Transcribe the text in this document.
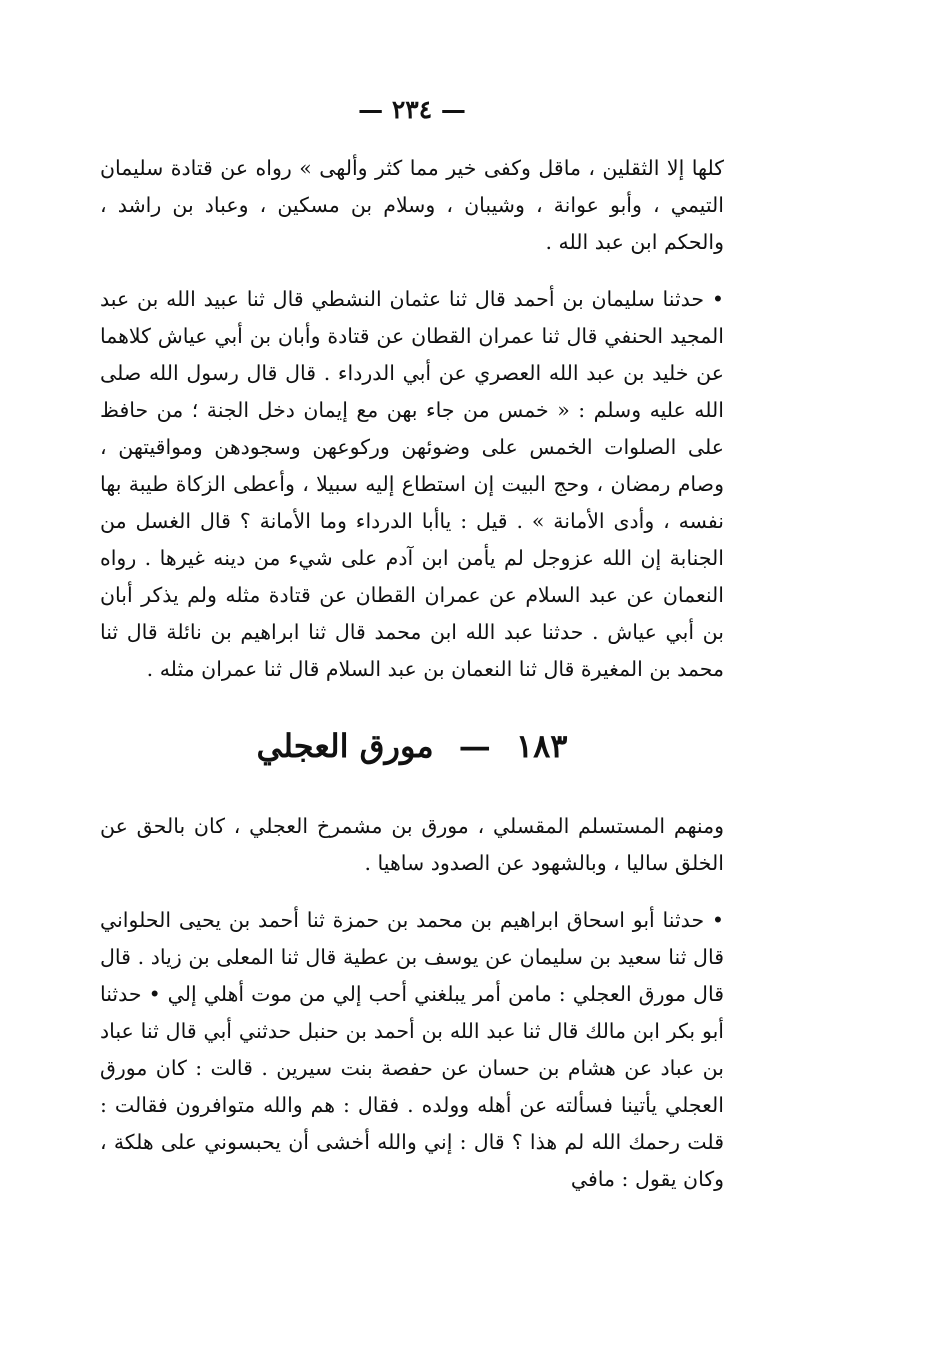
— ٢٣٤ —

كلها إلا الثقلين ، ماقل وكفى خير مما كثر وألهى » رواه عن قتادة سليمان التيمي ، وأبو عوانة ، وشيبان ، وسلام بن مسكين ، وعباد بن راشد ، والحكم ابن عبد الله .

• حدثنا سليمان بن أحمد قال ثنا عثمان النشطي قال ثنا عبيد الله بن عبد المجيد الحنفي قال ثنا عمران القطان عن قتادة وأبان بن أبي عياش كلاهما عن خليد بن عبد الله العصري عن أبي الدرداء . قال قال رسول الله صلى الله عليه وسلم : « خمس من جاء بهن مع إيمان دخل الجنة ؛ من حافظ على الصلوات الخمس على وضوئهن وركوعهن وسجودهن ومواقيتهن ، وصام رمضان ، وحج البيت إن استطاع إليه سبيلا ، وأعطى الزكاة طيبة بها نفسه ، وأدى الأمانة » . قيل : ياأبا الدرداء وما الأمانة ؟ قال الغسل من الجنابة إن الله عزوجل لم يأمن ابن آدم على شيء من دينه غيرها . رواه النعمان عن عبد السلام عن عمران القطان عن قتادة مثله ولم يذكر أبان بن أبي عياش . حدثنا عبد الله ابن محمد قال ثنا ابراهيم بن نائلة قال ثنا محمد بن المغيرة قال ثنا النعمان بن عبد السلام قال ثنا عمران مثله .

١٨٣ — مورق العجلي

ومنهم المستسلم المقسلي ، مورق بن مشمرخ العجلي ، كان بالحق عن الخلق ساليا ، وبالشهود عن الصدود ساهيا .

• حدثنا أبو اسحاق ابراهيم بن محمد بن حمزة ثنا أحمد بن يحيى الحلواني قال ثنا سعيد بن سليمان عن يوسف بن عطية قال ثنا المعلى بن زياد . قال قال مورق العجلي : مامن أمر يبلغني أحب إلي من موت أهلي إلي • حدثنا أبو بكر ابن مالك قال ثنا عبد الله بن أحمد بن حنبل حدثني أبي قال ثنا عباد بن عباد عن هشام بن حسان عن حفصة بنت سيرين . قالت : كان مورق العجلي يأتينا فسألته عن أهله وولده . فقال : هم والله متوافرون فقالت : قلت رحمك الله لم هذا ؟ قال : إني والله أخشى أن يحبسوني على هلكة ، وكان يقول : مافي
